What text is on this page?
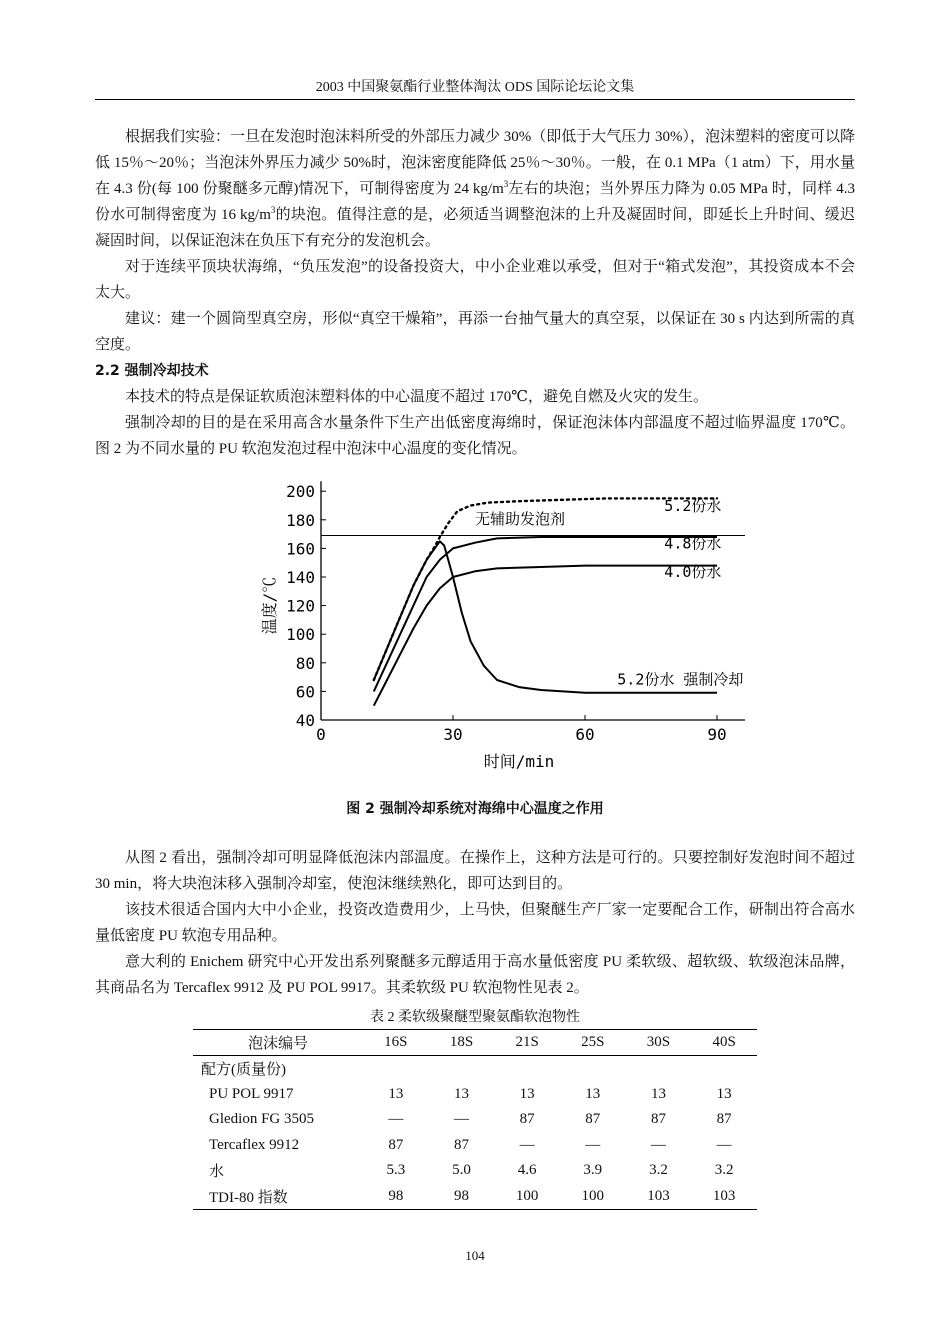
2003 中国聚氨酯行业整体淘汰 ODS 国际论坛论文集

根据我们实验：一旦在发泡时泡沫料所受的外部压力减少 30%（即低于大气压力 30%），泡沫塑料的密度可以降低 15％～20％；当泡沫外界压力减少 50%时，泡沫密度能降低 25％～30％。一般，在 0.1 MPa（1 atm）下，用水量在 4.3 份(每 100 份聚醚多元醇)情况下，可制得密度为 24 $kg/m^3$左右的块泡；当外界压力降为 0.05 MPa 时，同样 4.3 份水可制得密度为 16 $kg/m^3$的块泡。值得注意的是，必须适当调整泡沫的上升及凝固时间，即延长上升时间、缓迟凝固时间，以保证泡沫在负压下有充分的发泡机会。

对于连续平顶块状海绵，“负压发泡”的设备投资大，中小企业难以承受，但对于“箱式发泡”，其投资成本不会太大。

建议：建一个圆筒型真空房，形似“真空干燥箱”，再添一台抽气量大的真空泵，以保证在 30 s 内达到所需的真空度。

2.2 强制冷却技术

本技术的特点是保证软质泡沫塑料体的中心温度不超过 170℃，避免自燃及火灾的发生。

强制冷却的目的是在采用高含水量条件下生产出低密度海绵时，保证泡沫体内部温度不超过临界温度 170℃。图 2 为不同水量的 PU 软泡发泡过程中泡沫中心温度的变化情况。

40
60
80
100
120
140
160
180
200
0	30	60	90
时间/min
温度/℃
无辅助发泡剂
5.2份水
4.8份水
4.0份水
5.2份水 强制冷却
图 2 强制冷却系统对海绵中心温度之作用

从图 2 看出，强制冷却可明显降低泡沫内部温度。在操作上，这种方法是可行的。只要控制好发泡时间不超过 30 min，将大块泡沫移入强制冷却室，使泡沫继续熟化，即可达到目的。

该技术很适合国内大中小企业，投资改造费用少，上马快，但聚醚生产厂家一定要配合工作，研制出符合高水量低密度 PU 软泡专用品种。

意大利的 Enichem 研究中心开发出系列聚醚多元醇适用于高水量低密度 PU 柔软级、超软级、软级泡沫品牌，其商品名为 Tercaflex 9912 及 PU POL 9917。其柔软级 PU 软泡物性见表 2。

表 2 柔软级聚醚型聚氨酯软泡物性
泡沫编号	16S	18S	21S	25S	30S	40S
配方(质量份)						
PU POL 9917	13	13	13	13	13	13
Gledion FG 3505	—	—	87	87	87	87
Tercaflex 9912	87	87	—	—	—	—
水	5.3	5.0	4.6	3.9	3.2	3.2
TDI-80 指数	98	98	100	100	103	103
104
